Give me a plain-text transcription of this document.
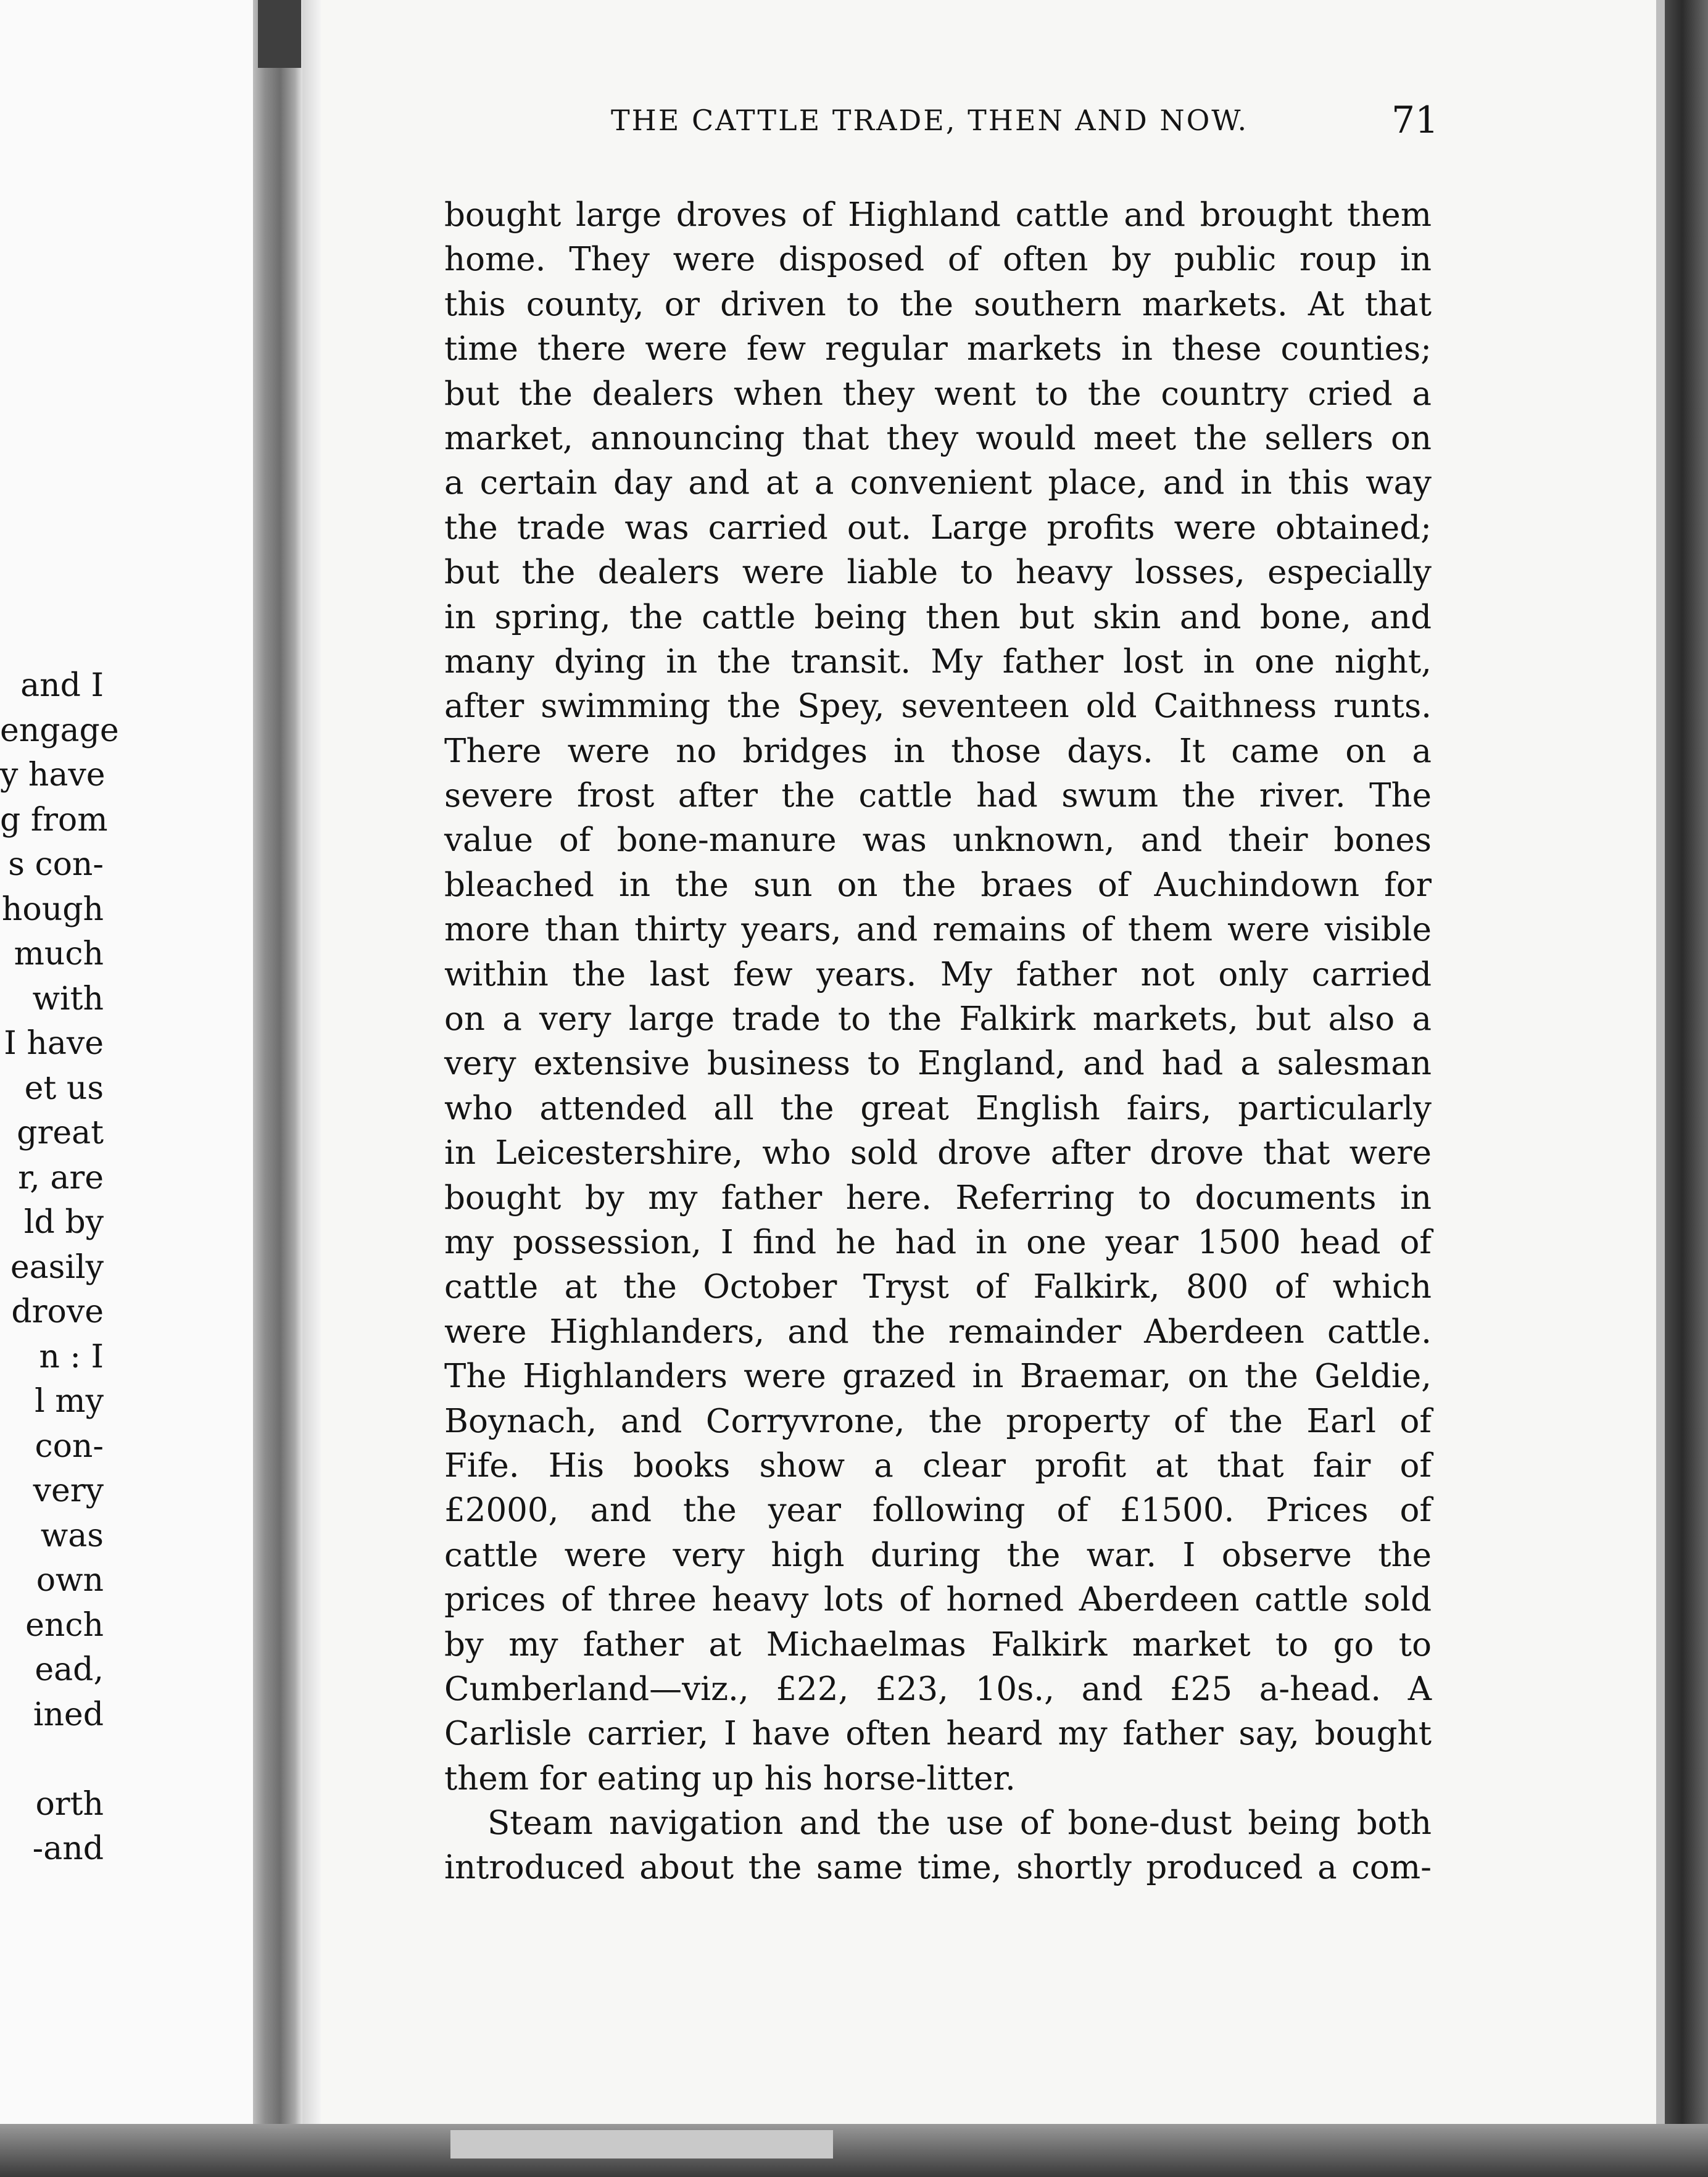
and I
engage
y have
g from
s con-
hough
much
with
I have
et us
great
r, are
ld by
easily
drove
n : I
l my
con-
very
was
own
ench
ead,
ined
orth
-and
THE CATTLE TRADE, THEN AND NOW.	71
bought large droves of Highland cattle and brought them
home. They were disposed of often by public roup in
this county, or driven to the southern markets. At that
time there were few regular markets in these counties;
but the dealers when they went to the country cried a
market, announcing that they would meet the sellers on
a certain day and at a convenient place, and in this way
the trade was carried out. Large profits were obtained;
but the dealers were liable to heavy losses, especially
in spring, the cattle being then but skin and bone, and
many dying in the transit. My father lost in one night,
after swimming the Spey, seventeen old Caithness runts.
There were no bridges in those days. It came on a
severe frost after the cattle had swum the river. The
value of bone-manure was unknown, and their bones
bleached in the sun on the braes of Auchindown for
more than thirty years, and remains of them were visible
within the last few years. My father not only carried
on a very large trade to the Falkirk markets, but also a
very extensive business to England, and had a salesman
who attended all the great English fairs, particularly
in Leicestershire, who sold drove after drove that were
bought by my father here. Referring to documents in
my possession, I find he had in one year 1500 head of
cattle at the October Tryst of Falkirk, 800 of which
were Highlanders, and the remainder Aberdeen cattle.
The Highlanders were grazed in Braemar, on the Geldie,
Boynach, and Corryvrone, the property of the Earl of
Fife. His books show a clear profit at that fair of
£2000, and the year following of £1500. Prices of
cattle were very high during the war. I observe the
prices of three heavy lots of horned Aberdeen cattle sold
by my father at Michaelmas Falkirk market to go to
Cumberland—viz., £22, £23, 10s., and £25 a-head. A
Carlisle carrier, I have often heard my father say, bought
them for eating up his horse-litter.
Steam navigation and the use of bone-dust being both
introduced about the same time, shortly produced a com-
